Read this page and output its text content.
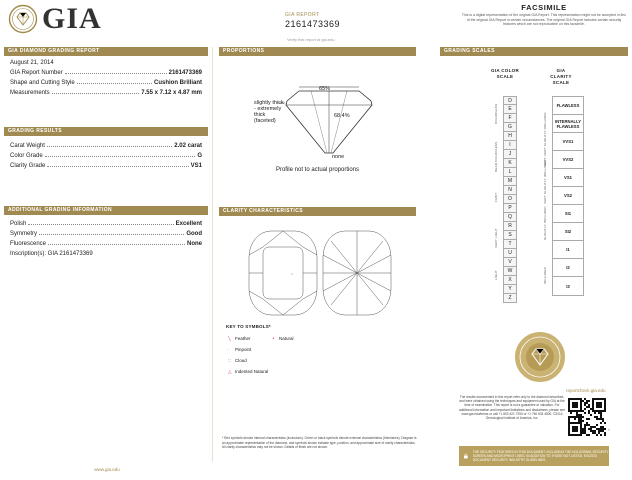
GIA	GIA REPORT
2161473369
Verify this report at gia.edu
FACSIMILE
This is a digital representation of the original GIA Report. This representation might not be accepted in lieu of the original GIA Report in certain circumstances. The original GIA Report includes certain security features which are not reproducible on this facsimile.
GIA DIAMOND GRADING REPORT
August 21, 2014
GIA Report Number	2161473369
Shape and Cutting Style	Cushion Brilliant
Measurements	7.55 x 7.12 x 4.87 mm
GRADING RESULTS
Carat Weight	2.02 carat
Color Grade	G
Clarity Grade	VS1
ADDITIONAL GRADING INFORMATION
Polish	Excellent
Symmetry	Good
Fluorescence	None
Inscription(s): GIA 2161473369
www.gia.edu
PROPORTIONS
65%
68.4%
slightly thick - extremely thick (faceted)
none
Profile not to actual proportions
CLARITY CHARACTERISTICS
×
·
KEY TO SYMBOLS*
╲ Feather	∘ Natural
· Pinpoint
∷ Cloud
△ Indented Natural
* Red symbols denote internal characteristics (inclusions). Green or black symbols denote external characteristics (blemishes). Diagram is an approximate representation of the diamond, and symbols shown indicate type, position, and approximate size of clarity characteristics. All clarity characteristics may not be shown. Details of finish are not shown.
GRADING SCALES
GIA COLOR SCALE
GIA CLARITY SCALE
D
E
F
G
H
I
J
K
L
M
N
O
P
Q
R
S
T
U
V
W
X
Y
Z
FLAWLESS
INTERNALLY FLAWLESS
VVS1
VVS2
VS1
VS2
SI1
SI2
I1
I2
I3
COLORLESS
NEAR COLORLESS
FAINT
VERY LIGHT
LIGHT
VERY VERY SLIGHTLY INCLUDED
VERY SLIGHTLY INCLUDED
SLIGHTLY INCLUDED
INCLUDED
reportcheck.gia.edu
The results documented in this report refer only to the diamond described, and were obtained using the techniques and equipment used by GIA at the time of examination. This report is not a guarantee or valuation. For additional information and important limitations and disclaimers, please see www.gia.edu/terms or call +1 800 421 7250 or +1 760 603 4500. ©2014 Gemological Institute of America, Inc.
7
THE SECURITY FEATURES IN THIS DOCUMENT, INCLUDING THE HOLOGRAM, SECURITY SCREEN AND MICROPRINT LINES, IN ADDITION TO THOSE NOT LISTED, EXCEED DOCUMENT SECURITY INDUSTRY GUIDELINES.
